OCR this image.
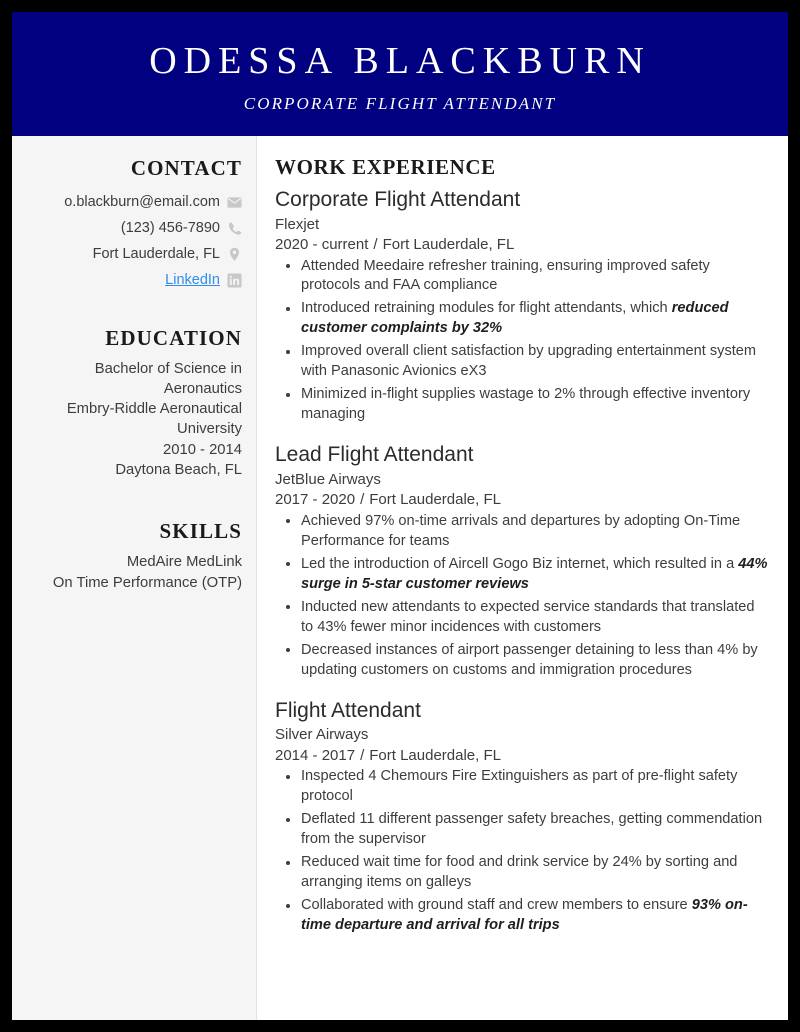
ODESSA BLACKBURN
CORPORATE FLIGHT ATTENDANT
CONTACT
o.blackburn@email.com
(123) 456-7890
Fort Lauderdale, FL
LinkedIn
EDUCATION
Bachelor of Science in Aeronautics
Embry-Riddle Aeronautical University
2010 - 2014
Daytona Beach, FL
SKILLS
MedAire MedLink
On Time Performance (OTP)
WORK EXPERIENCE
Corporate Flight Attendant
Flexjet
2020 - current / Fort Lauderdale, FL
Attended Meedaire refresher training, ensuring improved safety protocols and FAA compliance
Introduced retraining modules for flight attendants, which reduced customer complaints by 32%
Improved overall client satisfaction by upgrading entertainment system with Panasonic Avionics eX3
Minimized in-flight supplies wastage to 2% through effective inventory managing
Lead Flight Attendant
JetBlue Airways
2017 - 2020 / Fort Lauderdale, FL
Achieved 97% on-time arrivals and departures by adopting On-Time Performance for teams
Led the introduction of Aircell Gogo Biz internet, which resulted in a 44% surge in 5-star customer reviews
Inducted new attendants to expected service standards that translated to 43% fewer minor incidences with customers
Decreased instances of airport passenger detaining to less than 4% by updating customers on customs and immigration procedures
Flight Attendant
Silver Airways
2014 - 2017 / Fort Lauderdale, FL
Inspected 4 Chemours Fire Extinguishers as part of pre-flight safety protocol
Deflated 11 different passenger safety breaches, getting commendation from the supervisor
Reduced wait time for food and drink service by 24% by sorting and arranging items on galleys
Collaborated with ground staff and crew members to ensure 93% on-time departure and arrival for all trips
